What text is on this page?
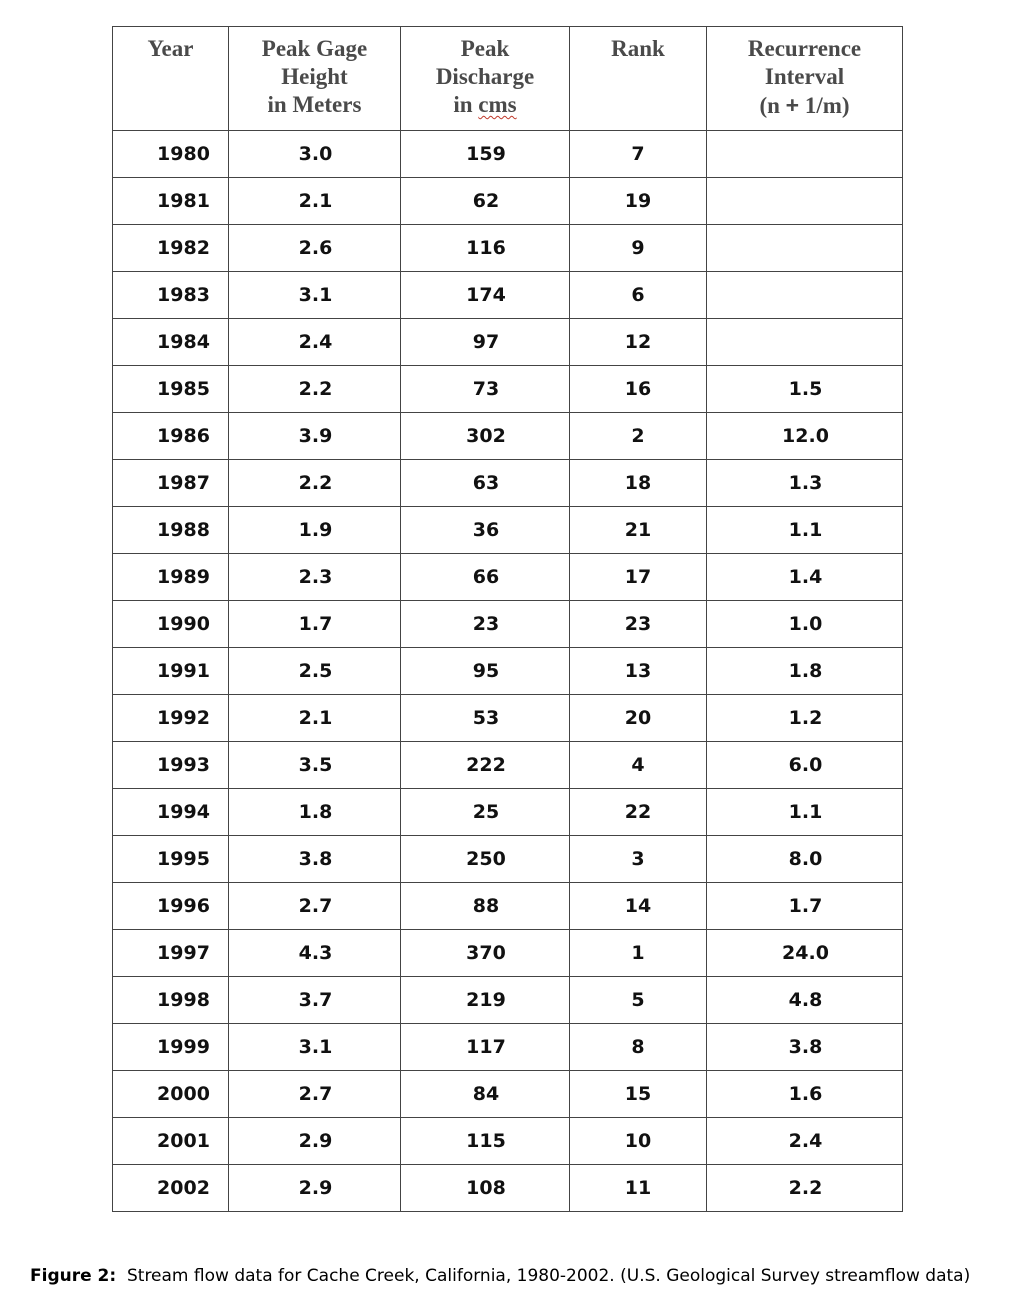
Year	Peak Gage
Height
in Meters	Peak
Discharge
in cms	Rank	Recurrence
Interval
(n + 1/m)

1980	3.0	159	7	
1981	2.1	62	19	
1982	2.6	116	9	
1983	3.1	174	6	
1984	2.4	97	12	
1985	2.2	73	16	1.5
1986	3.9	302	2	12.0
1987	2.2	63	18	1.3
1988	1.9	36	21	1.1
1989	2.3	66	17	1.4
1990	1.7	23	23	1.0
1991	2.5	95	13	1.8
1992	2.1	53	20	1.2
1993	3.5	222	4	6.0
1994	1.8	25	22	1.1
1995	3.8	250	3	8.0
1996	2.7	88	14	1.7
1997	4.3	370	1	24.0
1998	3.7	219	5	4.8
1999	3.1	117	8	3.8
2000	2.7	84	15	1.6
2001	2.9	115	10	2.4
2002	2.9	108	11	2.2
Figure 2: Stream flow data for Cache Creek, California, 1980-2002. (U.S. Geological Survey streamflow data)
